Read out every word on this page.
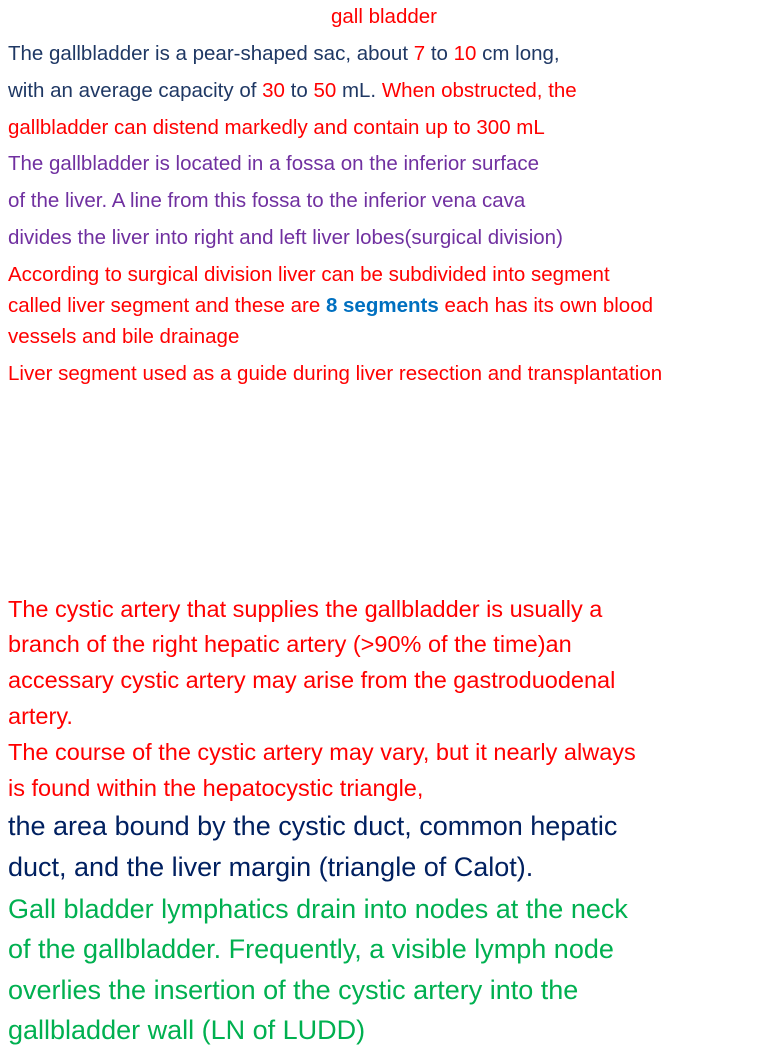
gall bladder
The gallbladder is a pear-shaped sac, about 7 to 10 cm long,
with an average capacity of 30 to 50 mL. When obstructed, the
gallbladder can distend markedly and contain up to 300 mL
The gallbladder is located in a fossa on the inferior surface
of the liver. A line from this fossa to the inferior vena cava
divides the liver into right and left liver lobes(surgical division)
According to surgical division liver can be subdivided into segment
called liver segment and these are 8 segments each has its own blood
vessels and bile drainage
Liver segment used as a guide during liver resection and transplantation
The cystic artery that supplies the gallbladder is usually a
branch of the right hepatic artery (>90% of the time)an
accessary cystic artery may arise from the gastroduodenal
artery.
The course of the cystic artery may vary, but it nearly always
is found within the hepatocystic triangle,
the area bound by the cystic duct, common hepatic
duct, and the liver margin (triangle of Calot).
Gall bladder lymphatics drain into nodes at the neck
of the gallbladder. Frequently, a visible lymph node
overlies the insertion of the cystic artery into the
gallbladder wall (LN of LUDD)
